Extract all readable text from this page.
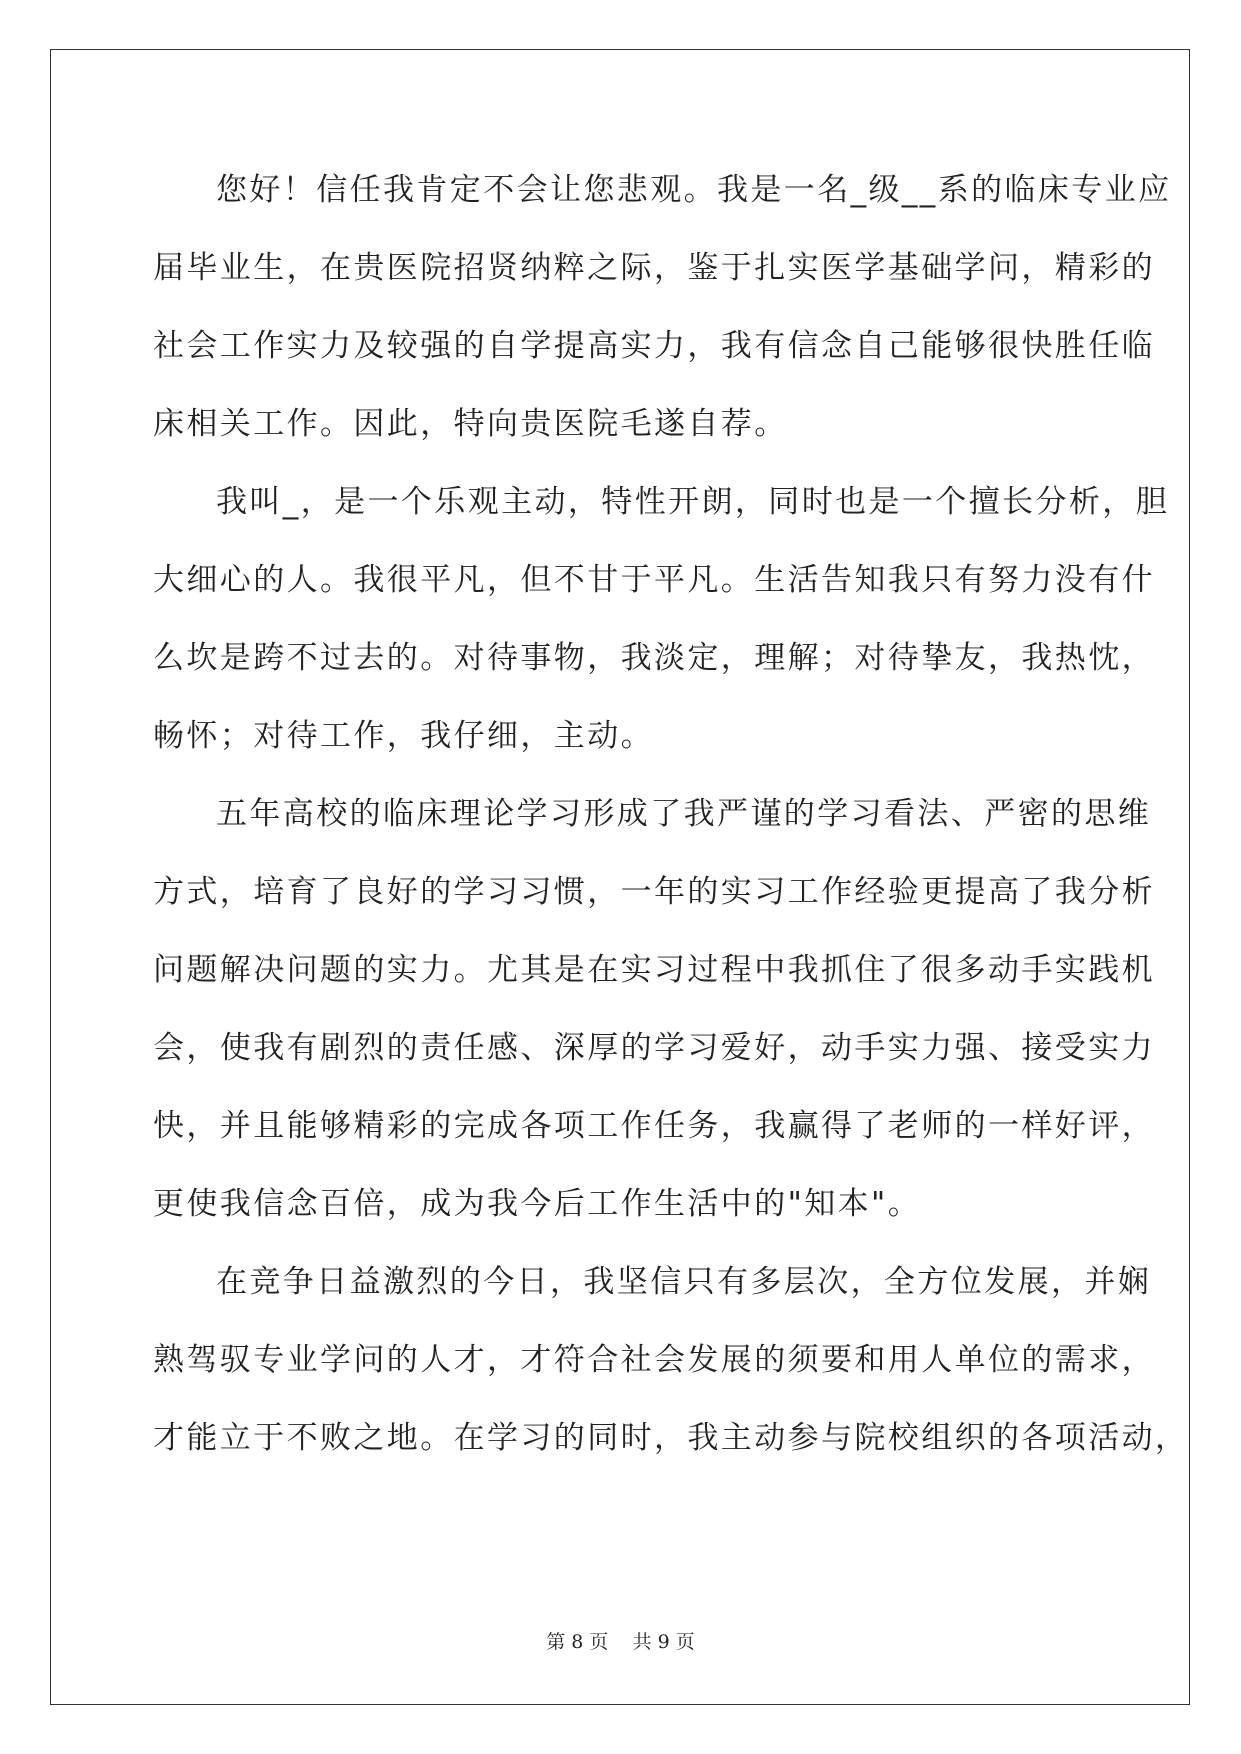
您好！信任我肯定不会让您悲观。我是一名_级__系的临床专业应
届毕业生，在贵医院招贤纳粹之际，鉴于扎实医学基础学问，精彩的
社会工作实力及较强的自学提高实力，我有信念自己能够很快胜任临
床相关工作。因此，特向贵医院毛遂自荐。
我叫_，是一个乐观主动，特性开朗，同时也是一个擅长分析，胆
大细心的人。我很平凡，但不甘于平凡。生活告知我只有努力没有什
么坎是跨不过去的。对待事物，我淡定，理解；对待挚友，我热忱，
畅怀；对待工作，我仔细，主动。
五年高校的临床理论学习形成了我严谨的学习看法、严密的思维
方式，培育了良好的学习习惯，一年的实习工作经验更提高了我分析
问题解决问题的实力。尤其是在实习过程中我抓住了很多动手实践机
会，使我有剧烈的责任感、深厚的学习爱好，动手实力强、接受实力
快，并且能够精彩的完成各项工作任务，我赢得了老师的一样好评，
更使我信念百倍，成为我今后工作生活中的"知本"。
在竞争日益激烈的今日，我坚信只有多层次，全方位发展，并娴
熟驾驭专业学问的人才，才符合社会发展的须要和用人单位的需求，
才能立于不败之地。在学习的同时，我主动参与院校组织的各项活动，
第 8 页    共 9 页
